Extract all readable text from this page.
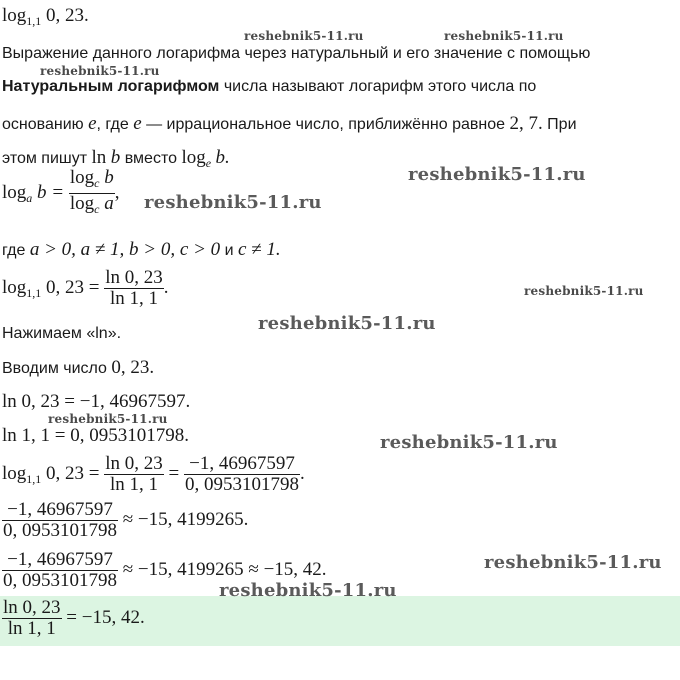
$\log_{1,1} 0$, 23.
Выражение данного логарифма через натуральный и его значение с помощью
Натуральным логарифмом числа называют логарифм этого числа по
основанию e, где e — иррациональное число, приближённо равное 2, 7. При
этом пишут ln b вместо $\log_e b$.
$\log_a b = \frac{\log_c b}{\log_c a}$ ,
где a > 0, a ≠ 1, b > 0, c > 0 и c ≠ 1.
$\log_{1,1} 0$, $23 = \frac{\ln 0, 23}{\ln 1, 1}$ .
Нажимаем «ln».
Вводим число 0, 23.
ln 0, 23 = −1, 46967597.
ln 1, 1 = 0, 0953101798.
$\log_{1,1} 0$, $23 = \frac{\ln 0, 23}{\ln 1, 1} = \frac{-1, 46967597}{0, 0953101798}$ .
$\frac{-1, 46967597}{0, 0953101798} \approx -15$, 4199265.
$\frac{-1, 46967597}{0, 0953101798} \approx -15$, 4199265 ≈ −15, 42.
$\frac{\ln 0, 23}{\ln 1, 1} = -15$, 42.
reshebnik5-11.ru	reshebnik5-11.ru
reshebnik5-11.ru
reshebnik5-11.ru
reshebnik5-11.ru
reshebnik5-11.ru
reshebnik5-11.ru
reshebnik5-11.ru
reshebnik5-11.ru
reshebnik5-11.ru
reshebnik5-11.ru
